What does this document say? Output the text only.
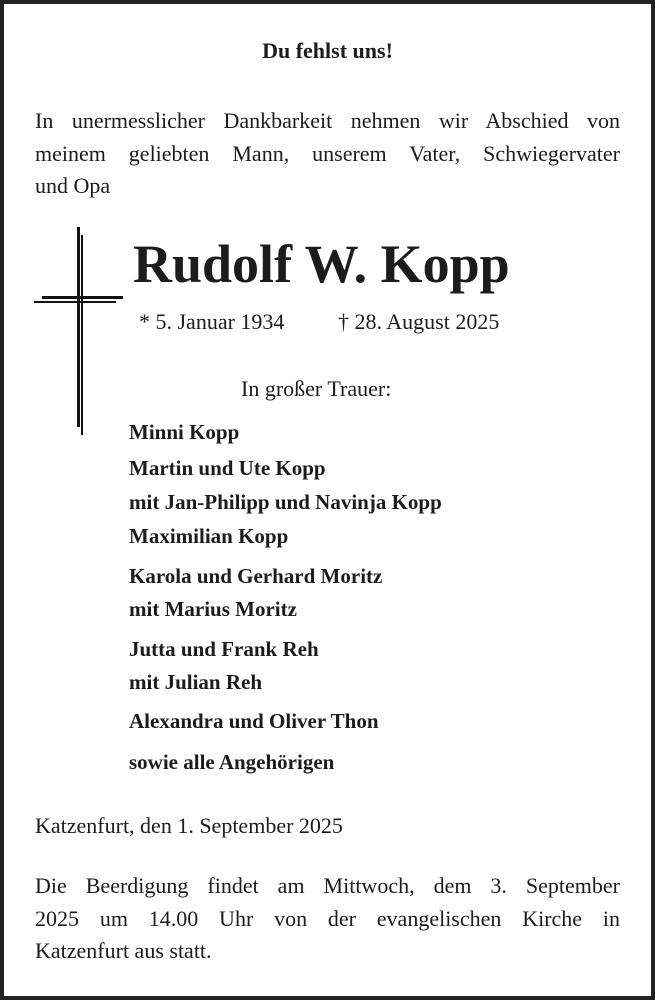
Du fehlst uns!
In unermesslicher Dankbarkeit nehmen wir Abschied von
meinem geliebten Mann, unserem Vater, Schwiegervater
und Opa
Rudolf W. Kopp
* 5. Januar 1934 † 28. August 2025
In großer Trauer:
Minni Kopp
Martin und Ute Kopp
mit Jan-Philipp und Navinja Kopp
Maximilian Kopp
Karola und Gerhard Moritz
mit Marius Moritz
Jutta und Frank Reh
mit Julian Reh
Alexandra und Oliver Thon
sowie alle Angehörigen
Katzenfurt, den 1. September 2025
Die Beerdigung findet am Mittwoch, dem 3. September
2025 um 14.00 Uhr von der evangelischen Kirche in
Katzenfurt aus statt.
